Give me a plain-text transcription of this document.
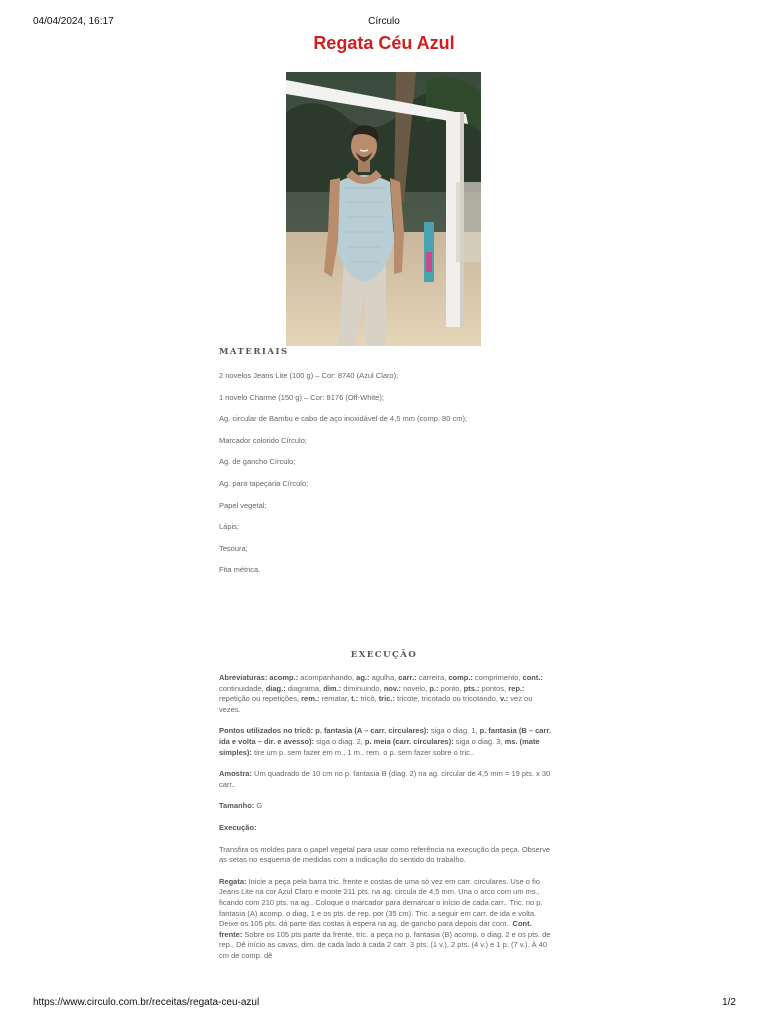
04/04/2024, 16:17	Círculo
Regata Céu Azul
MATERIAIS
2 novelos Jeans Lite (100 g) – Cor: 8740 (Azul Claro);
1 novelo Charme (150 g) – Cor: 8176 (Off-White);
Ag. circular de Bambu e cabo de aço inoxidável de 4,5 mm (comp. 80 cm);
Marcador colorido Círculo;
Ag. de gancho Círculo;
Ag. para tapeçaria Círculo;
Papel vegetal;
Lápis;
Tesoura;
Fita métrica.
EXECUÇÃO

Abreviaturas: acomp.: acompanhando, ag.: agulha, carr.: carreira, comp.: comprimento, cont.: continuidade, diag.: diagrama, dim.: diminuindo, nov.: novelo, p.: ponto, pts.: pontos, rep.: repetição ou repetições, rem.: rematar, t.: tricô, tric.: tricote, tricotado ou tricotando, v.: vez ou vezes.

Pontos utilizados no tricô: p. fantasia (A – carr. circulares): siga o diag. 1, p. fantasia (B – carr. ida e volta – dir. e avesso): siga o diag. 2, p. meia (carr. circulares): siga o diag. 3, ms. (mate simples): tire um p. sem fazer em m., 1 m., rem. o p. sem fazer sobre o tric..

Amostra: Um quadrado de 10 cm no p. fantasia B (diag. 2) na ag. circular de 4,5 mm = 19 pts. x 30 carr..

Tamanho: G

Execução:

Transfira os moldes para o papel vegetal para usar como referência na execução da peça. Observe as setas no esquema de medidas com a indicação do sentido do trabalho.

Regata: Inicie a peça pela barra tric. frente e costas de uma só vez em carr. circulares. Use o fio Jeans Lite na cor Azul Claro e monte 211 pts. na ag. circula de 4,5 mm. Una o arco com um ms., ficando com 210 pts. na ag.. Coloque o marcador para demarcar o início de cada carr.. Tric. no p. fantasia (A) acomp. o diag. 1 e os pts. de rep. por (35 cm). Tric. a seguir em carr. de ida e volta. Deixe os 105 pts. dá parte das costas à espera na ag. de gancho para depois dar cont.. Cont. frente: Sobre os 105 pts parte da frente, tric. a peça no p. fantasia (B) acomp. o diag. 2 e os pts. de rep., Dê início as cavas, dim. de cada lado à cada 2 carr. 3 pts. (1 v.), 2 pts. (4 v.) e 1 p. (7 v.). À 40 cm de comp. dê

https://www.circulo.com.br/receitas/regata-ceu-azul	1/2
